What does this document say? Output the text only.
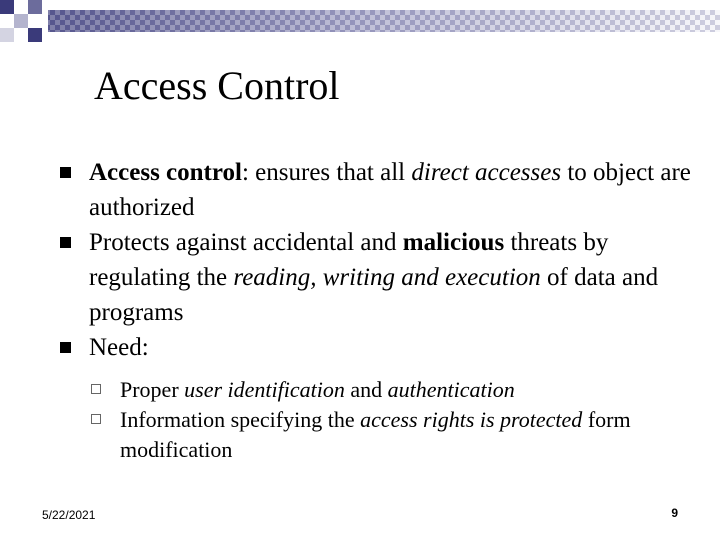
Access Control
Access control: ensures that all direct accesses to object are authorized
Protects against accidental and malicious threats by regulating the reading, writing and execution of data and programs
Need:
Proper user identification and authentication
Information specifying the access rights is protected form modification
5/22/2021	9
